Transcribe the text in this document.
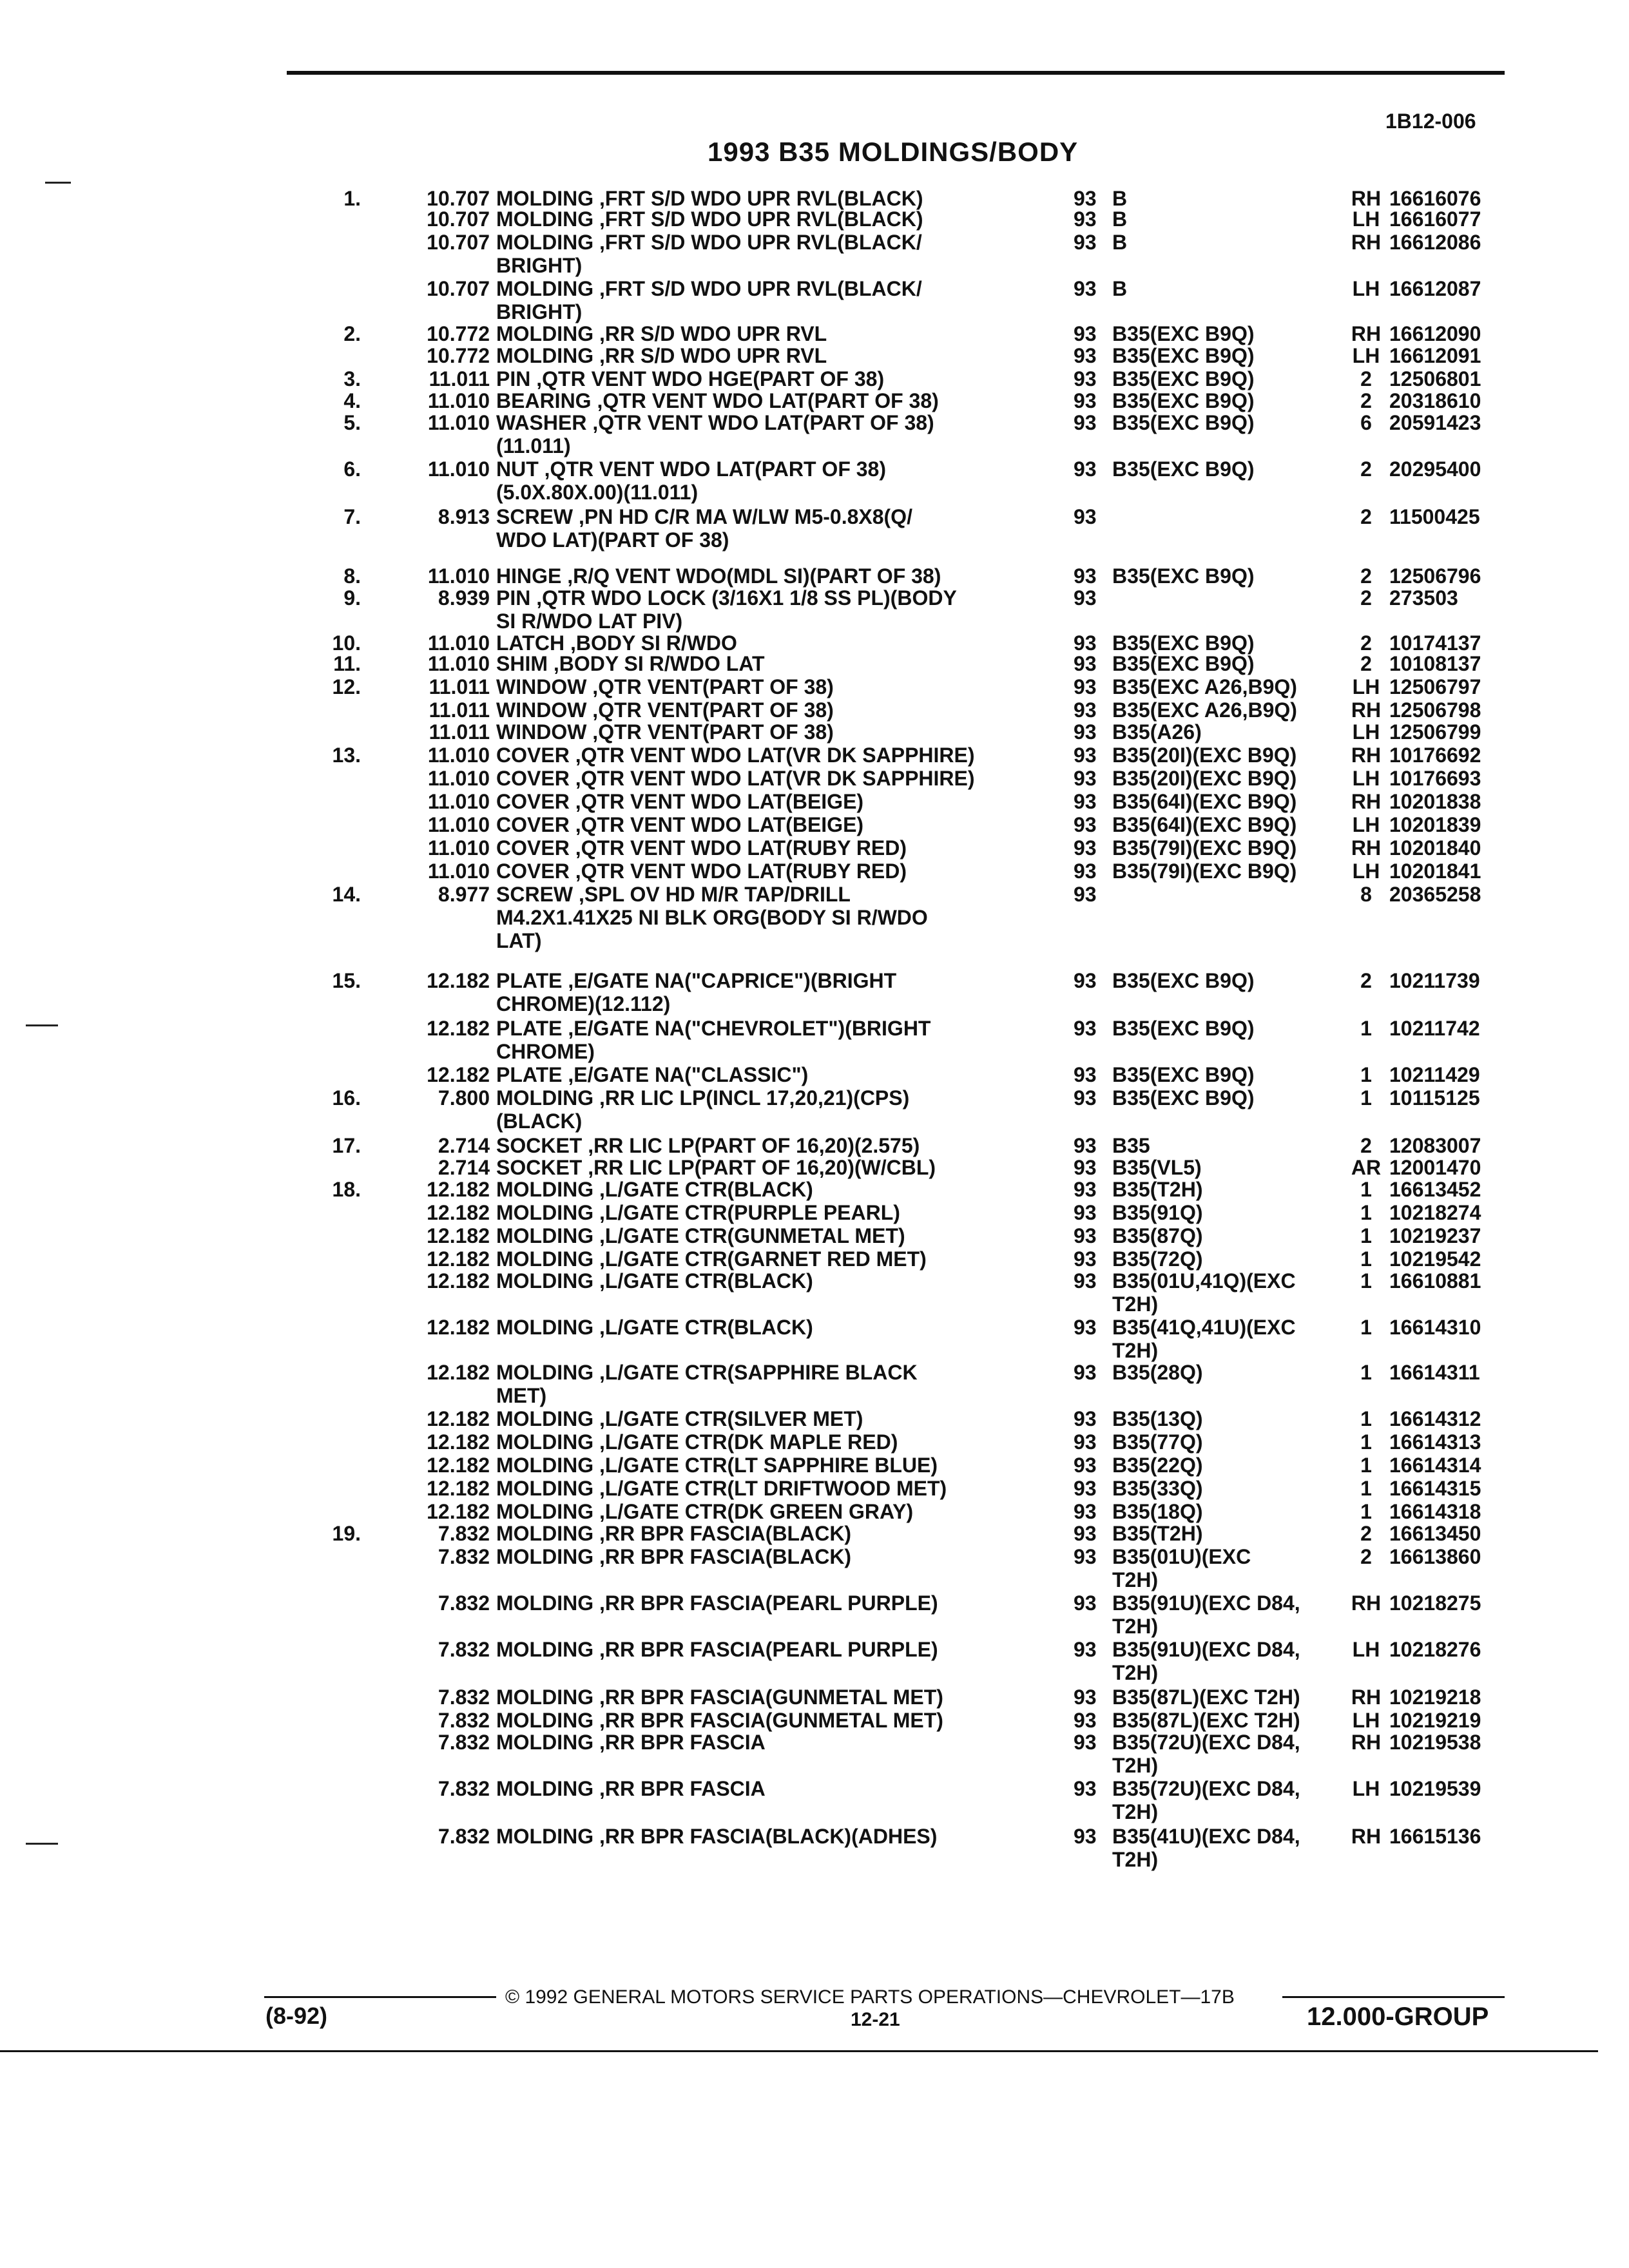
1B12-006
1993 B35 MOLDINGS/BODY
1.	10.707 MOLDING ,FRT S/D WDO UPR RVL(BLACK)	93 B	RH 16616076
10.707 MOLDING ,FRT S/D WDO UPR RVL(BLACK)	93 B	LH 16616077
10.707 MOLDING ,FRT S/D WDO UPR RVL(BLACK/
BRIGHT)
93 B	RH 16612086
10.707 MOLDING ,FRT S/D WDO UPR RVL(BLACK/
BRIGHT)
93 B	LH 16612087
2.	10.772 MOLDING ,RR S/D WDO UPR RVL	93 B35(EXC B9Q)	RH 16612090
10.772 MOLDING ,RR S/D WDO UPR RVL	93 B35(EXC B9Q)	LH 16612091
3.	11.011 PIN ,QTR VENT WDO HGE(PART OF 38)	93 B35(EXC B9Q)	2 12506801
4.	11.010 BEARING ,QTR VENT WDO LAT(PART OF 38)	93 B35(EXC B9Q)	2 20318610
5.	11.010 WASHER ,QTR VENT WDO LAT(PART OF 38)
(11.011)
93 B35(EXC B9Q)	6 20591423
6.	11.010 NUT ,QTR VENT WDO LAT(PART OF 38)
(5.0X.80X.00)(11.011)
93 B35(EXC B9Q)	2 20295400
7.	8.913 SCREW ,PN HD C/R MA W/LW M5-0.8X8(Q/
WDO LAT)(PART OF 38)
93	2 11500425
8.	11.010 HINGE ,R/Q VENT WDO(MDL SI)(PART OF 38)	93 B35(EXC B9Q)	2 12506796
9.	8.939 PIN ,QTR WDO LOCK (3/16X1 1/8 SS PL)(BODY
SI R/WDO LAT PIV)
93	2 273503
10.	11.010 LATCH ,BODY SI R/WDO	93 B35(EXC B9Q)	2 10174137
11.	11.010 SHIM ,BODY SI R/WDO LAT	93 B35(EXC B9Q)	2 10108137
12.	11.011 WINDOW ,QTR VENT(PART OF 38)	93 B35(EXC A26,B9Q)	LH 12506797
11.011 WINDOW ,QTR VENT(PART OF 38)	93 B35(EXC A26,B9Q)	RH 12506798
11.011 WINDOW ,QTR VENT(PART OF 38)	93 B35(A26)	LH 12506799
13.	11.010 COVER ,QTR VENT WDO LAT(VR DK SAPPHIRE)	93 B35(20I)(EXC B9Q)	RH 10176692
11.010 COVER ,QTR VENT WDO LAT(VR DK SAPPHIRE)	93 B35(20I)(EXC B9Q)	LH 10176693
11.010 COVER ,QTR VENT WDO LAT(BEIGE)	93 B35(64I)(EXC B9Q)	RH 10201838
11.010 COVER ,QTR VENT WDO LAT(BEIGE)	93 B35(64I)(EXC B9Q)	LH 10201839
11.010 COVER ,QTR VENT WDO LAT(RUBY RED)	93 B35(79I)(EXC B9Q)	RH 10201840
11.010 COVER ,QTR VENT WDO LAT(RUBY RED)	93 B35(79I)(EXC B9Q)	LH 10201841
14.	8.977 SCREW ,SPL OV HD M/R TAP/DRILL
M4.2X1.41X25 NI BLK ORG(BODY SI R/WDO
LAT)
93	8 20365258
15.	12.182 PLATE ,E/GATE NA("CAPRICE")(BRIGHT
CHROME)(12.112)
93 B35(EXC B9Q)	2 10211739
12.182 PLATE ,E/GATE NA("CHEVROLET")(BRIGHT
CHROME)
93 B35(EXC B9Q)	1 10211742
12.182 PLATE ,E/GATE NA("CLASSIC")	93 B35(EXC B9Q)	1 10211429
16.	7.800 MOLDING ,RR LIC LP(INCL 17,20,21)(CPS)
(BLACK)
93 B35(EXC B9Q)	1 10115125
17.	2.714 SOCKET ,RR LIC LP(PART OF 16,20)(2.575)	93 B35	2 12083007
2.714 SOCKET ,RR LIC LP(PART OF 16,20)(W/CBL)	93 B35(VL5)	AR 12001470
18.	12.182 MOLDING ,L/GATE CTR(BLACK)	93 B35(T2H)	1 16613452
12.182 MOLDING ,L/GATE CTR(PURPLE PEARL)	93 B35(91Q)	1 10218274
12.182 MOLDING ,L/GATE CTR(GUNMETAL MET)	93 B35(87Q)	1 10219237
12.182 MOLDING ,L/GATE CTR(GARNET RED MET)	93 B35(72Q)	1 10219542
12.182 MOLDING ,L/GATE CTR(BLACK)	93 B35(01U,41Q)(EXC
T2H)
1 16610881
12.182 MOLDING ,L/GATE CTR(BLACK)	93 B35(41Q,41U)(EXC
T2H)
1 16614310
12.182 MOLDING ,L/GATE CTR(SAPPHIRE BLACK
MET)
93 B35(28Q)	1 16614311
12.182 MOLDING ,L/GATE CTR(SILVER MET)	93 B35(13Q)	1 16614312
12.182 MOLDING ,L/GATE CTR(DK MAPLE RED)	93 B35(77Q)	1 16614313
12.182 MOLDING ,L/GATE CTR(LT SAPPHIRE BLUE)	93 B35(22Q)	1 16614314
12.182 MOLDING ,L/GATE CTR(LT DRIFTWOOD MET)	93 B35(33Q)	1 16614315
12.182 MOLDING ,L/GATE CTR(DK GREEN GRAY)	93 B35(18Q)	1 16614318
19.	7.832 MOLDING ,RR BPR FASCIA(BLACK)	93 B35(T2H)	2 16613450
7.832 MOLDING ,RR BPR FASCIA(BLACK)	93 B35(01U)(EXC
T2H)
2 16613860
7.832 MOLDING ,RR BPR FASCIA(PEARL PURPLE)	93 B35(91U)(EXC D84,
T2H)
RH 10218275
7.832 MOLDING ,RR BPR FASCIA(PEARL PURPLE)	93 B35(91U)(EXC D84,
T2H)
LH 10218276
7.832 MOLDING ,RR BPR FASCIA(GUNMETAL MET)	93 B35(87L)(EXC T2H)	RH 10219218
7.832 MOLDING ,RR BPR FASCIA(GUNMETAL MET)	93 B35(87L)(EXC T2H)	LH 10219219
7.832 MOLDING ,RR BPR FASCIA	93 B35(72U)(EXC D84,
T2H)
RH 10219538
7.832 MOLDING ,RR BPR FASCIA	93 B35(72U)(EXC D84,
T2H)
LH 10219539
7.832 MOLDING ,RR BPR FASCIA(BLACK)(ADHES)	93 B35(41U)(EXC D84,
T2H)
RH 16615136
(8-92)
© 1992 GENERAL MOTORS SERVICE PARTS OPERATIONS—CHEVROLET—17B
12-21	12.000-GROUP
